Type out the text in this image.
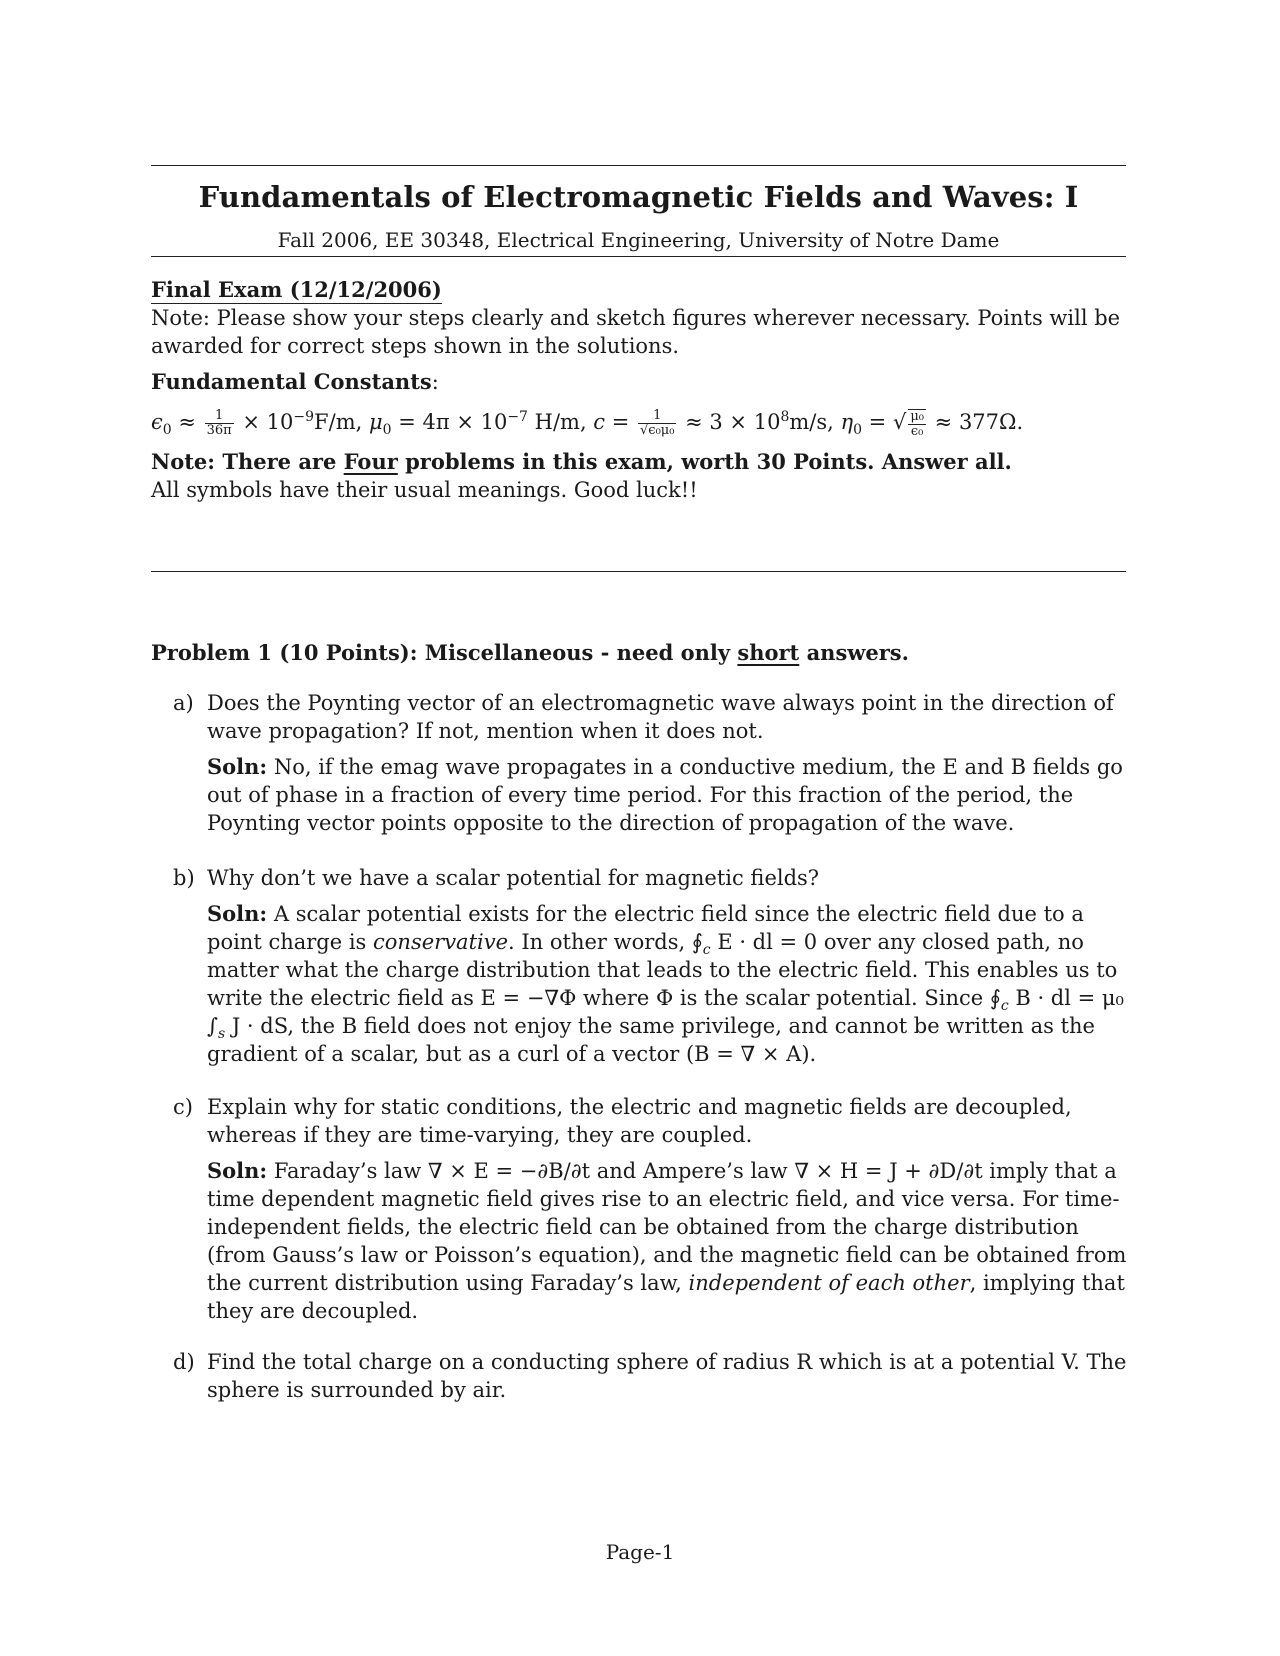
Fundamentals of Electromagnetic Fields and Waves: I
Fall 2006, EE 30348, Electrical Engineering, University of Notre Dame
Final Exam (12/12/2006)
Note: Please show your steps clearly and sketch figures wherever necessary. Points will be
awarded for correct steps shown in the solutions.
Fundamental Constants:
$\epsilon_0 \approx \frac{1}{36\pi} \times 10^{-9}F/m$, $\mu_0 = 4\pi \times 10^{-7}$ H/m, $c = \frac{1}{\text{√ϵ₀μ₀}} \approx 3 \times 10^8m/s$, $\eta_0$ = √ $\frac{\text{μ₀}}{\text{ϵ₀}} \approx 377\Omega$.
Note: There are Four problems in this exam, worth 30 Points. Answer all.
All symbols have their usual meanings. Good luck!!
Problem 1 (10 Points): Miscellaneous - need only short answers.
a) Does the Poynting vector of an electromagnetic wave always point in the direction of wave propagation? If not, mention when it does not.
Soln: No, if the emag wave propagates in a conductive medium, the E and B fields go out of phase in a fraction of every time period. For this fraction of the period, the Poynting vector points opposite to the direction of propagation of the wave.
b) Why don’t we have a scalar potential for magnetic fields?
Soln: A scalar potential exists for the electric field since the electric field due to a point charge is conservative. In other words, $∮_c$ E · dl = 0 over any closed path, no matter what the charge distribution that leads to the electric field. This enables us to write the electric field as E = −∇Φ where Φ is the scalar potential. Since $∮_c$ B · dl = μ₀ $\int_s$ J · dS, the B field does not enjoy the same privilege, and cannot be written as the gradient of a scalar, but as a curl of a vector (B = ∇ × A).
c) Explain why for static conditions, the electric and magnetic fields are decoupled, whereas if they are time-varying, they are coupled.
Soln: Faraday’s law ∇ × E = −∂B/∂t and Ampere’s law ∇ × H = J + ∂D/∂t imply that a time dependent magnetic field gives rise to an electric field, and vice versa. For time-independent fields, the electric field can be obtained from the charge distribution (from Gauss’s law or Poisson’s equation), and the magnetic field can be obtained from the current distribution using Faraday’s law, independent of each other, implying that they are decoupled.
d) Find the total charge on a conducting sphere of radius R which is at a potential V. The sphere is surrounded by air.
Page-1
